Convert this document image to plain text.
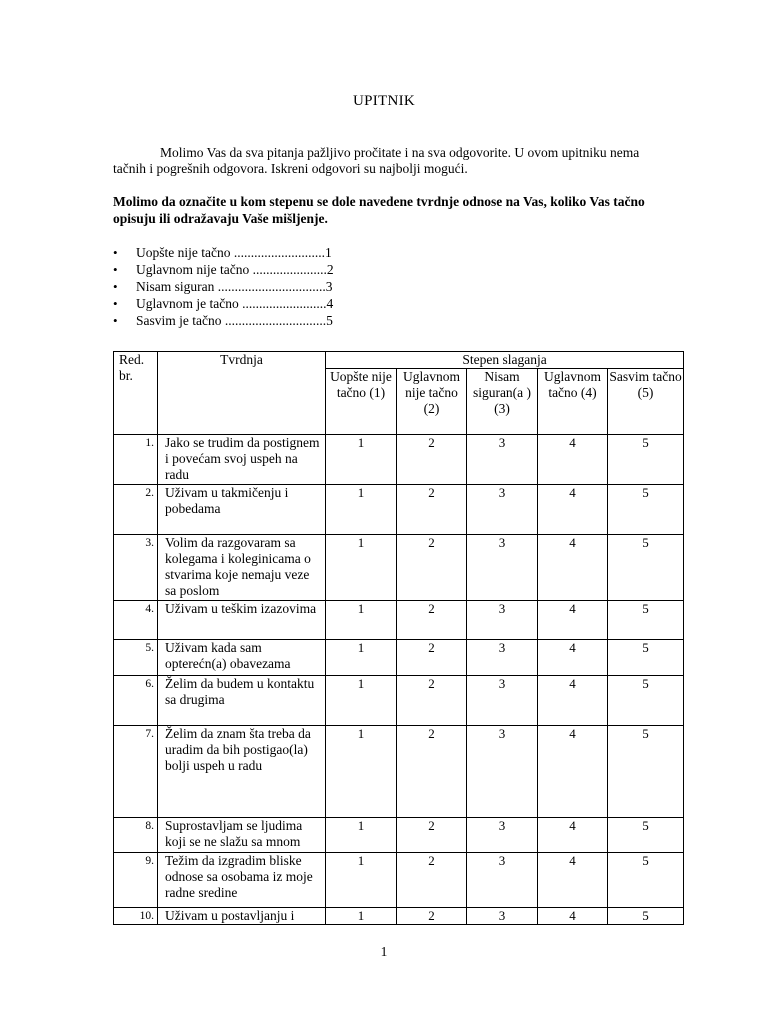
UPITNIK
Molimo Vas da sva pitanja pažljivo pročitate i na sva odgovorite. U ovom upitniku nema
tačnih i pogrešnih odgovora. Iskreni odgovori su najbolji mogući.
Molimo da označite u kom stepenu se dole navedene tvrdnje odnose na Vas, koliko Vas tačno opisuju ili odražavaju Vaše mišljenje.
• Uopšte nije tačno ...........................1
• Uglavnom nije tačno ......................2
• Nisam siguran ................................3
• Uglavnom je tačno .........................4
• Sasvim je tačno ..............................5
Red. br.	Tvrdnja	Stepen slaganja				
		Uopšte nije tačno (1)	Uglavnom nije tačno (2)	Nisam siguran(a ) (3)	Uglavnom tačno (4)	Sasvim tačno (5)
1.	Jako se trudim da postignem i povećam svoj uspeh na radu	1	2	3	4	5
2.	Uživam u takmičenju i pobedama	1	2	3	4	5
3.	Volim da razgovaram sa kolegama i koleginicama o stvarima koje nemaju veze sa poslom	1	2	3	4	5
4.	Uživam u teškim izazovima	1	2	3	4	5
5.	Uživam kada sam opterećn(a) obavezama	1	2	3	4	5
6.	Želim da budem u kontaktu sa drugima	1	2	3	4	5
7.	Želim da znam šta treba da uradim da bih postigao(la) bolji uspeh u radu	1	2	3	4	5
8.	Suprostavljam se ljudima koji se ne slažu sa mnom	1	2	3	4	5
9.	Težim da izgradim bliske odnose sa osobama iz moje radne sredine	1	2	3	4	5
10.	Uživam u postavljanju i	1	2	3	4	5
1
